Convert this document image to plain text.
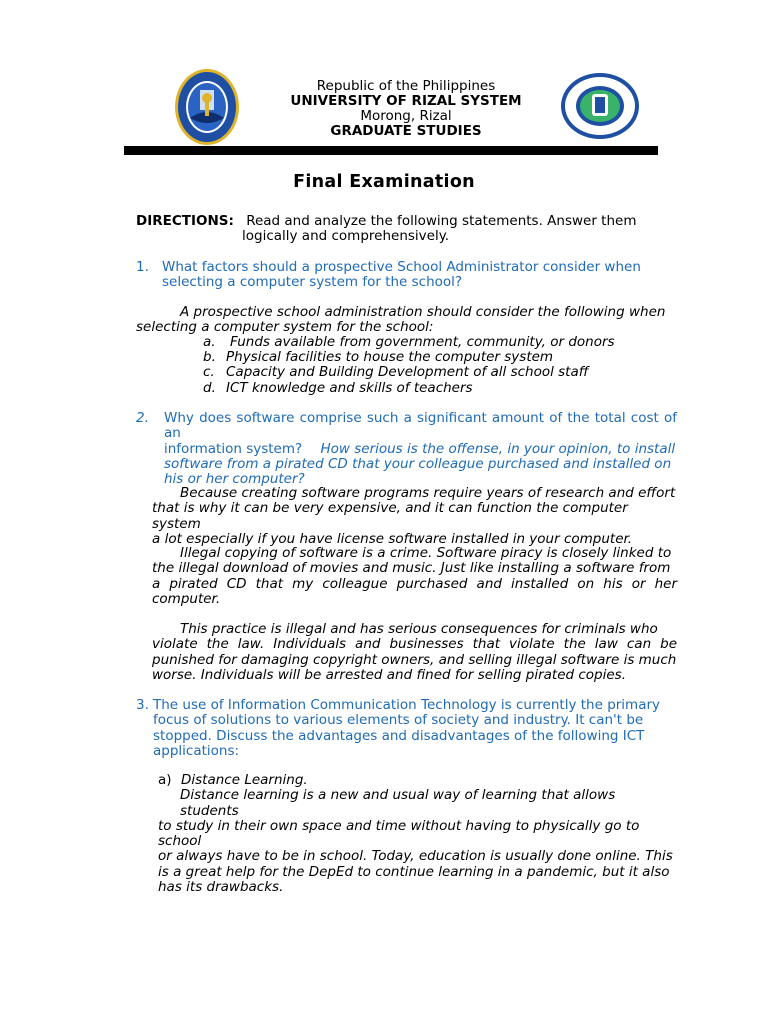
Republic of the Philippines
UNIVERSITY OF RIZAL SYSTEM
Morong, Rizal
GRADUATE STUDIES
Final Examination
DIRECTIONS: Read and analyze the following statements. Answer them
logically and comprehensively.
1. What factors should a prospective School Administrator consider when
selecting a computer system for the school?
A prospective school administration should consider the following when
selecting a computer system for the school:
a. Funds available from government, community, or donors
b. Physical facilities to house the computer system
c. Capacity and Building Development of all school staff
d. ICT knowledge and skills of teachers
2.	Why does software comprise such a significant amount of the total cost of an
information system? How serious is the offense, in your opinion, to install
software from a pirated CD that your colleague purchased and installed on
his or her computer?
Because creating software programs require years of research and effort
that is why it can be very expensive, and it can function the computer system
a lot especially if you have license software installed in your computer.
Illegal copying of software is a crime. Software piracy is closely linked to
the illegal download of movies and music. Just like installing a software from
a pirated CD that my colleague purchased and installed on his or her
computer.
This practice is illegal and has serious consequences for criminals who
violate the law. Individuals and businesses that violate the law can be
punished for damaging copyright owners, and selling illegal software is much
worse. Individuals will be arrested and fined for selling pirated copies.
3. The use of Information Communication Technology is currently the primary
focus of solutions to various elements of society and industry. It can't be
stopped. Discuss the advantages and disadvantages of the following ICT
applications:
a) Distance Learning.
Distance learning is a new and usual way of learning that allows students
to study in their own space and time without having to physically go to school
or always have to be in school. Today, education is usually done online. This
is a great help for the DepEd to continue learning in a pandemic, but it also
has its drawbacks.
